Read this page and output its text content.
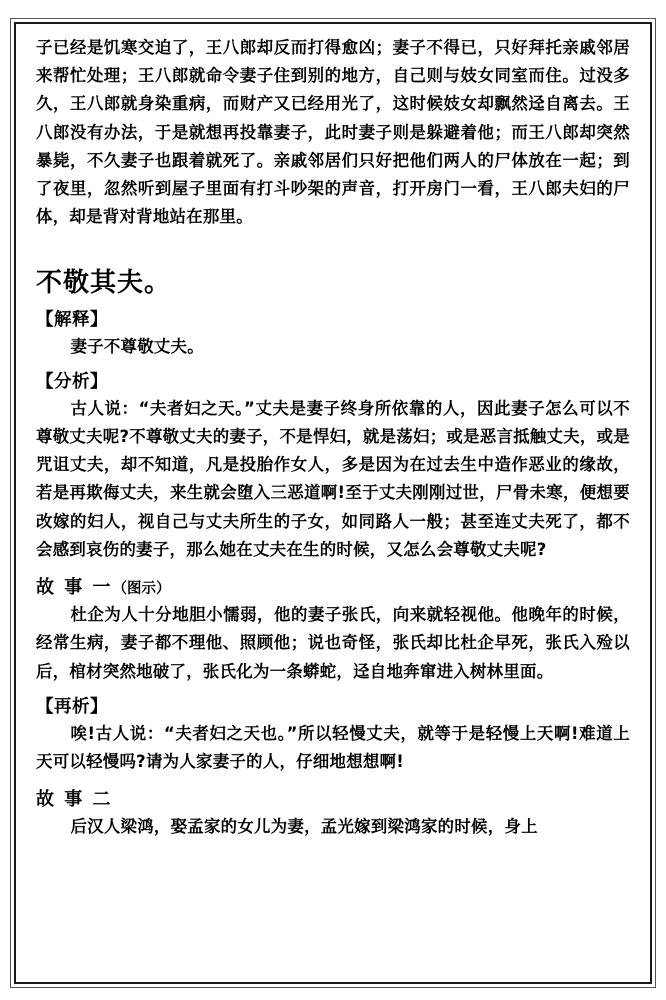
子已经是饥寒交迫了，王八郎却反而打得愈凶；妻子不得已，只好拜托亲戚邻居来帮忙处理；王八郎就命令妻子住到别的地方，自己则与妓女同室而住。过没多久，王八郎就身染重病，而财产又已经用光了，这时候妓女却飘然迳自离去。王八郎没有办法，于是就想再投靠妻子，此时妻子则是躲避着他；而王八郎却突然暴毙，不久妻子也跟着就死了。亲戚邻居们只好把他们两人的尸体放在一起；到了夜里，忽然听到屋子里面有打斗吵架的声音，打开房门一看，王八郎夫妇的尸体，却是背对背地站在那里。

不敬其夫。
【解释】

妻子不尊敬丈夫。

【分析】

古人说：“夫者妇之天。”丈夫是妻子终身所依靠的人，因此妻子怎么可以不尊敬丈夫呢?不尊敬丈夫的妻子，不是悍妇，就是荡妇；或是恶言抵触丈夫，或是咒诅丈夫，却不知道，凡是投胎作女人，多是因为在过去生中造作恶业的缘故，若是再欺侮丈夫，来生就会堕入三恶道啊!至于丈夫刚刚过世，尸骨未寒，便想要改嫁的妇人，视自己与丈夫所生的子女，如同路人一般；甚至连丈夫死了，都不会感到哀伤的妻子，那么她在丈夫在生的时候，又怎么会尊敬丈夫呢?

故 事 一（图示）

杜企为人十分地胆小懦弱，他的妻子张氏，向来就轻视他。他晚年的时候，经常生病，妻子都不理他、照顾他；说也奇怪，张氏却比杜企早死，张氏入殓以后，棺材突然地破了，张氏化为一条蟒蛇，迳自地奔窜进入树林里面。

【再析】

唉!古人说：“夫者妇之天也。”所以轻慢丈夫，就等于是轻慢上天啊!难道上天可以轻慢吗?请为人家妻子的人，仔细地想想啊!

故 事 二

后汉人梁鸿，娶孟家的女儿为妻，孟光嫁到梁鸿家的时候，身上
